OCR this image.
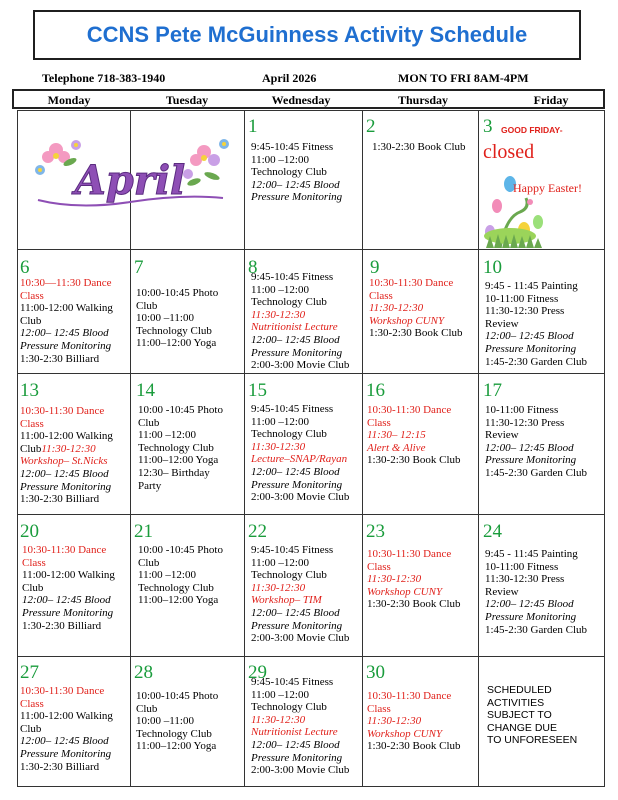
CCNS Pete McGuinness Activity Schedule
Telephone 718-383-1940	April 2026	MON TO FRI 8AM-4PM
Monday	Tuesday	Wednesday	Thursday	Friday
April
1
9:45-10:45 Fitness
11:00 –12:00
Technology Club
12:00– 12:45 Blood
Pressure Monitoring
2
1:30-2:30 Book Club
3 GOOD FRIDAY-
closed
Happy Easter!
6
10:30—11:30 Dance
Class
11:00-12:00 Walking
Club
12:00– 12:45 Blood
Pressure Monitoring
1:30-2:30 Billiard
7
10:00-10:45 Photo
Club
10:00 –11:00
Technology Club
11:00–12:00 Yoga
8
9:45-10:45 Fitness
11:00 –12:00
Technology Club
11:30-12:30
Nutritionist Lecture
12:00– 12:45 Blood
Pressure Monitoring
2:00-3:00 Movie Club
9
10:30-11:30 Dance
Class
11:30-12:30
Workshop CUNY
1:30-2:30 Book Club
10
9:45 - 11:45 Painting
10-11:00 Fitness
11:30-12:30 Press
Review
12:00– 12:45 Blood
Pressure Monitoring
1:45-2:30 Garden Club
13
10:30-11:30 Dance
Class
11:00-12:00 Walking
Club11:30-12:30
Workshop– St.Nicks
12:00– 12:45 Blood
Pressure Monitoring
1:30-2:30 Billiard
14
10:00 -10:45 Photo
Club
11:00 –12:00
Technology Club
11:00–12:00 Yoga
12:30– Birthday
Party
15
9:45-10:45 Fitness
11:00 –12:00
Technology Club
11:30-12:30
Lecture–SNAP/Rayan
12:00– 12:45 Blood
Pressure Monitoring
2:00-3:00 Movie Club
16
10:30-11:30 Dance
Class
11:30– 12:15
Alert & Alive
1:30-2:30 Book Club
17
10-11:00 Fitness
11:30-12:30 Press
Review
12:00– 12:45 Blood
Pressure Monitoring
1:45-2:30 Garden Club
20
10:30-11:30 Dance
Class
11:00-12:00 Walking
Club
12:00– 12:45 Blood
Pressure Monitoring
1:30-2:30 Billiard
21
10:00 -10:45 Photo
Club
11:00 –12:00
Technology Club
11:00–12:00 Yoga
22
9:45-10:45 Fitness
11:00 –12:00
Technology Club
11:30-12:30
Workshop– TIM
12:00– 12:45 Blood
Pressure Monitoring
2:00-3:00 Movie Club
23
10:30-11:30 Dance
Class
11:30-12:30
Workshop CUNY
1:30-2:30 Book Club
24
9:45 - 11:45 Painting
10-11:00 Fitness
11:30-12:30 Press
Review
12:00– 12:45 Blood
Pressure Monitoring
1:45-2:30 Garden Club
27
10:30-11:30 Dance
Class
11:00-12:00 Walking
Club
12:00– 12:45 Blood
Pressure Monitoring
1:30-2:30 Billiard
28
10:00-10:45 Photo
Club
10:00 –11:00
Technology Club
11:00–12:00 Yoga
29
9:45-10:45 Fitness
11:00 –12:00
Technology Club
11:30-12:30
Nutritionist Lecture
12:00– 12:45 Blood
Pressure Monitoring
2:00-3:00 Movie Club
30
10:30-11:30 Dance
Class
11:30-12:30
Workshop CUNY
1:30-2:30 Book Club
SCHEDULED
ACTIVITIES
SUBJECT TO
CHANGE DUE
TO UNFORESEEN
